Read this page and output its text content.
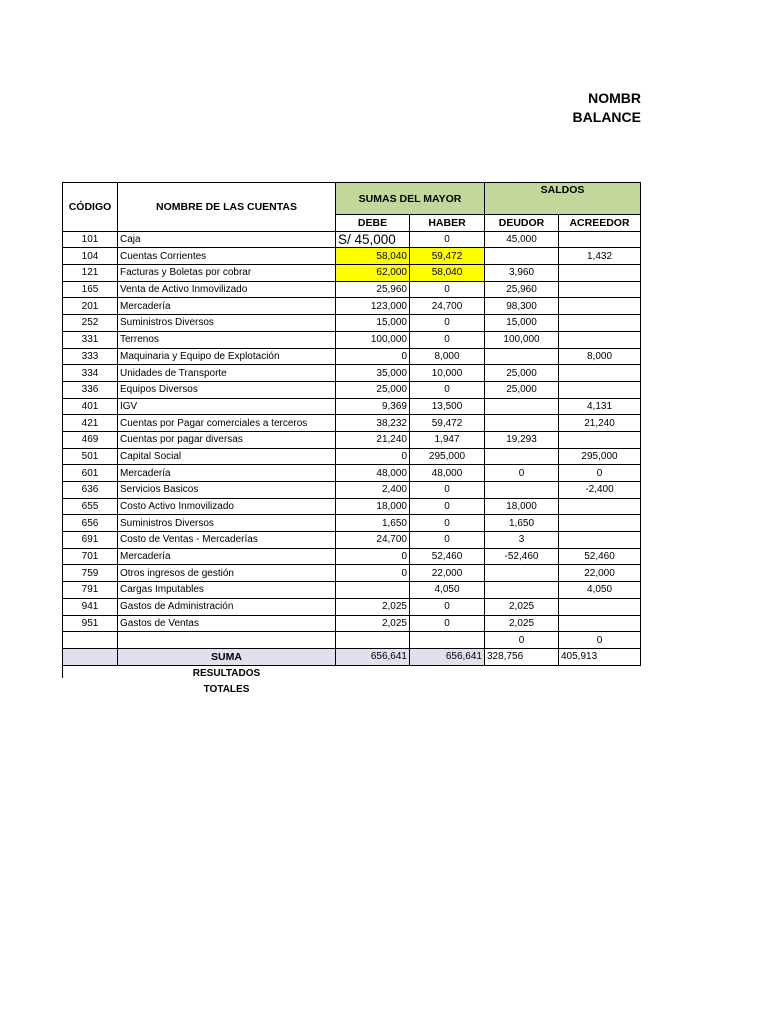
NOMBR
BALANCE
CÓDIGO	NOMBRE DE LAS CUENTAS	SUMAS DEL MAYOR		SALDOS	
		DEBE	HABER	DEUDOR	ACREEDOR
101	Caja	S/ 45,000	0	45,000	
104	Cuentas Corrientes	58,040	59,472		1,432
121	Facturas y Boletas por cobrar	62,000	58,040	3,960	
165	Venta de Activo Inmovilizado	25,960	0	25,960	
201	Mercadería	123,000	24,700	98,300	
252	Suministros Diversos	15,000	0	15,000	
331	Terrenos	100,000	0	100,000	
333	Maquinaria y Equipo de Explotación	0	8,000		8,000
334	Unidades de Transporte	35,000	10,000	25,000	
336	Equipos Diversos	25,000	0	25,000	
401	IGV	9,369	13,500		4,131
421	Cuentas por Pagar comerciales a terceros	38,232	59,472		21,240
469	Cuentas por pagar diversas	21,240	1,947	19,293	
501	Capital Social	0	295,000		295,000
601	Mercadería	48,000	48,000	0	0
636	Servicios Basicos	2,400	0		-2,400
655	Costo Activo Inmovilizado	18,000	0	18,000	
656	Suministros Diversos	1,650	0	1,650	
691	Costo de Ventas - Mercaderías	24,700	0	3	
701	Mercadería	0	52,460	-52,460	52,460
759	Otros ingresos de gestión	0	22,000		22,000
791	Cargas Imputables		4,050		4,050
941	Gastos de Administración	2,025	0	2,025	
951	Gastos de Ventas	2,025	0	2,025	
				0	0
	SUMA	656,641	656,641	328,756	405,913
	RESULTADOS				
	TOTALES				
